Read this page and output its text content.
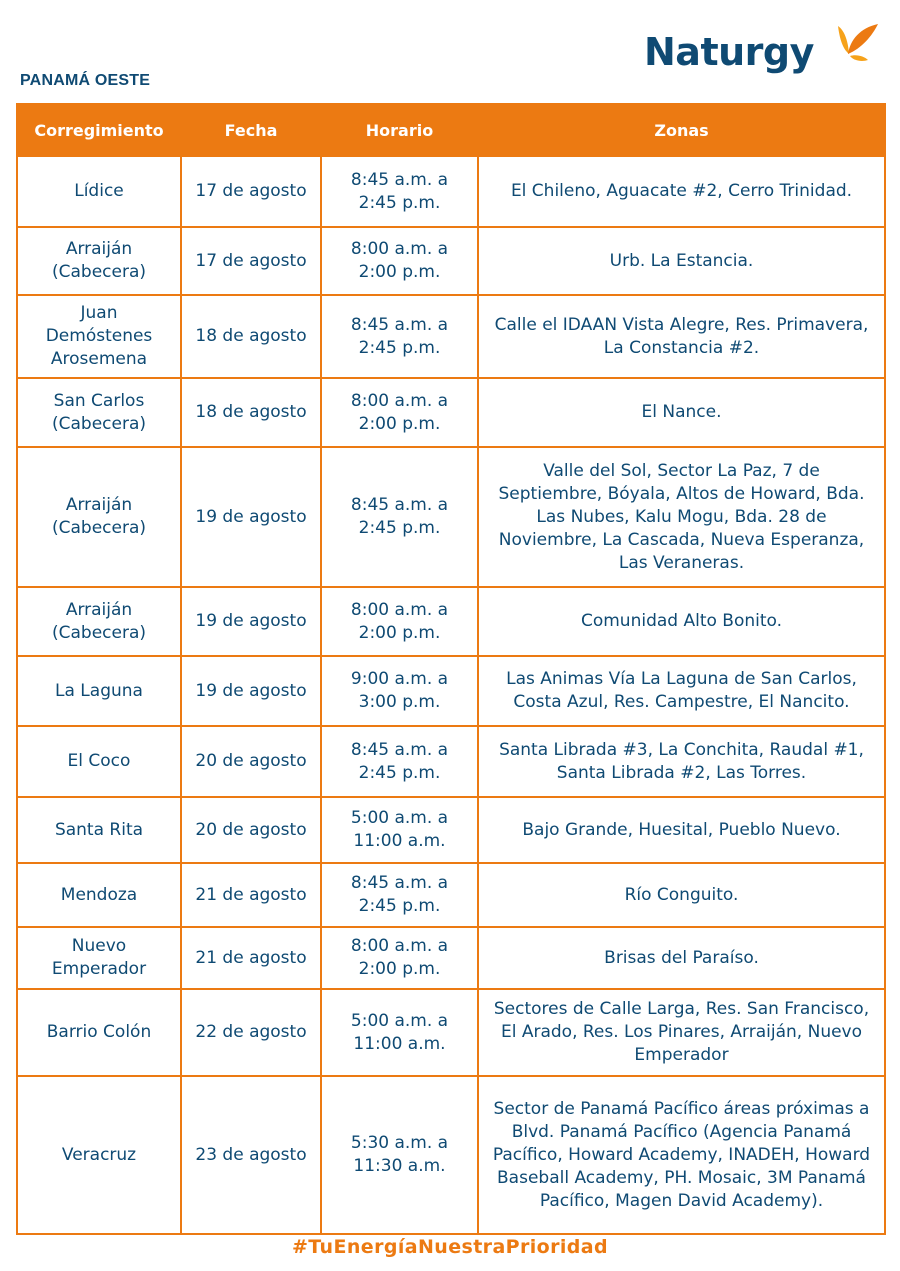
PANAMÁ OESTE
Naturgy
Corregimiento	Fecha	Horario	Zonas
Lídice	17 de agosto	8:45 a.m. a 2:45 p.m.	El Chileno, Aguacate #2, Cerro Trinidad.
Arraiján (Cabecera)	17 de agosto	8:00 a.m. a 2:00 p.m.	Urb. La Estancia.
Juan Demóstenes Arosemena	18 de agosto	8:45 a.m. a 2:45 p.m.	Calle el IDAAN Vista Alegre, Res. Primavera, La Constancia #2.
San Carlos (Cabecera)	18 de agosto	8:00 a.m. a 2:00 p.m.	El Nance.
Arraiján (Cabecera)	19 de agosto	8:45 a.m. a 2:45 p.m.	Valle del Sol, Sector La Paz, 7 de Septiembre, Bóyala, Altos de Howard, Bda. Las Nubes, Kalu Mogu, Bda. 28 de Noviembre, La Cascada, Nueva Esperanza, Las Veraneras.
Arraiján (Cabecera)	19 de agosto	8:00 a.m. a 2:00 p.m.	Comunidad Alto Bonito.
La Laguna	19 de agosto	9:00 a.m. a 3:00 p.m.	Las Animas Vía La Laguna de San Carlos, Costa Azul, Res. Campestre, El Nancito.
El Coco	20 de agosto	8:45 a.m. a 2:45 p.m.	Santa Librada #3, La Conchita, Raudal #1, Santa Librada #2, Las Torres.
Santa Rita	20 de agosto	5:00 a.m. a 11:00 a.m.	Bajo Grande, Huesital, Pueblo Nuevo.
Mendoza	21 de agosto	8:45 a.m. a 2:45 p.m.	Río Conguito.
Nuevo Emperador	21 de agosto	8:00 a.m. a 2:00 p.m.	Brisas del Paraíso.
Barrio Colón	22 de agosto	5:00 a.m. a 11:00 a.m.	Sectores de Calle Larga, Res. San Francisco, El Arado, Res. Los Pinares, Arraiján, Nuevo Emperador
Veracruz	23 de agosto	5:30 a.m. a 11:30 a.m.	Sector de Panamá Pacífico áreas próximas a Blvd. Panamá Pacífico (Agencia Panamá Pacífico, Howard Academy, INADEH, Howard Baseball Academy, PH. Mosaic, 3M Panamá Pacífico, Magen David Academy).
#TuEnergíaNuestraPrioridad
